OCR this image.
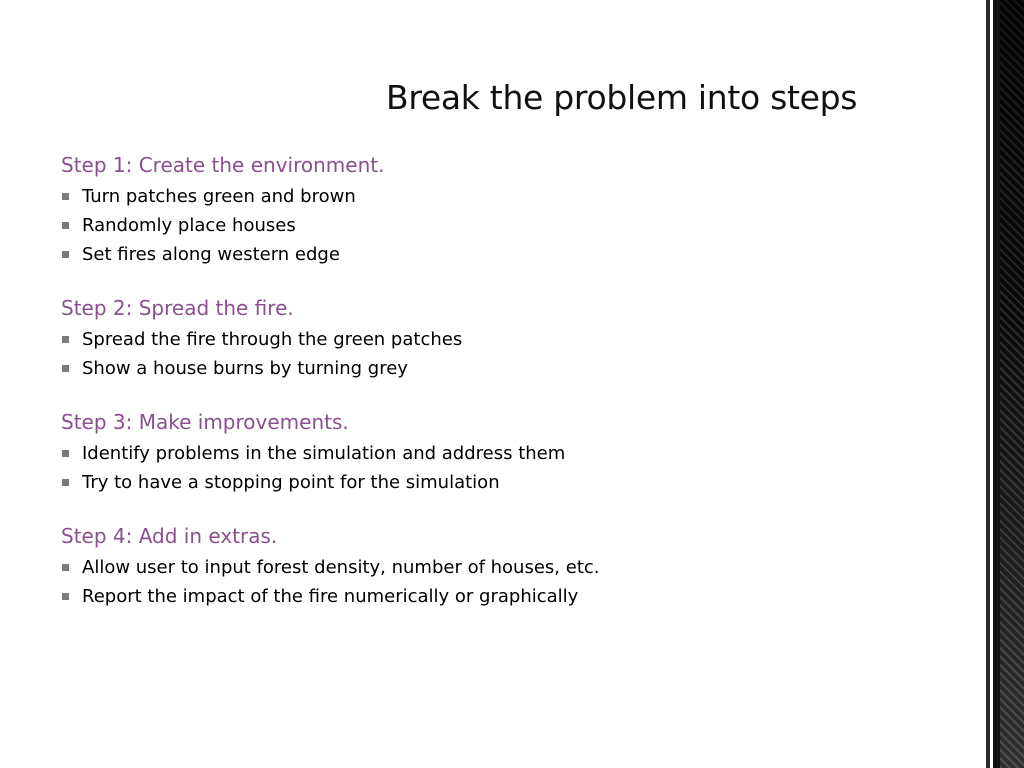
Break the problem into steps

Step 1: Create the environment.

Turn patches green and brown
Randomly place houses
Set fires along western edge

Step 2: Spread the fire.

Spread the fire through the green patches
Show a house burns by turning grey

Step 3: Make improvements.

Identify problems in the simulation and address them
Try to have a stopping point for the simulation

Step 4: Add in extras.

Allow user to input forest density, number of houses, etc.
Report the impact of the fire numerically or graphically
